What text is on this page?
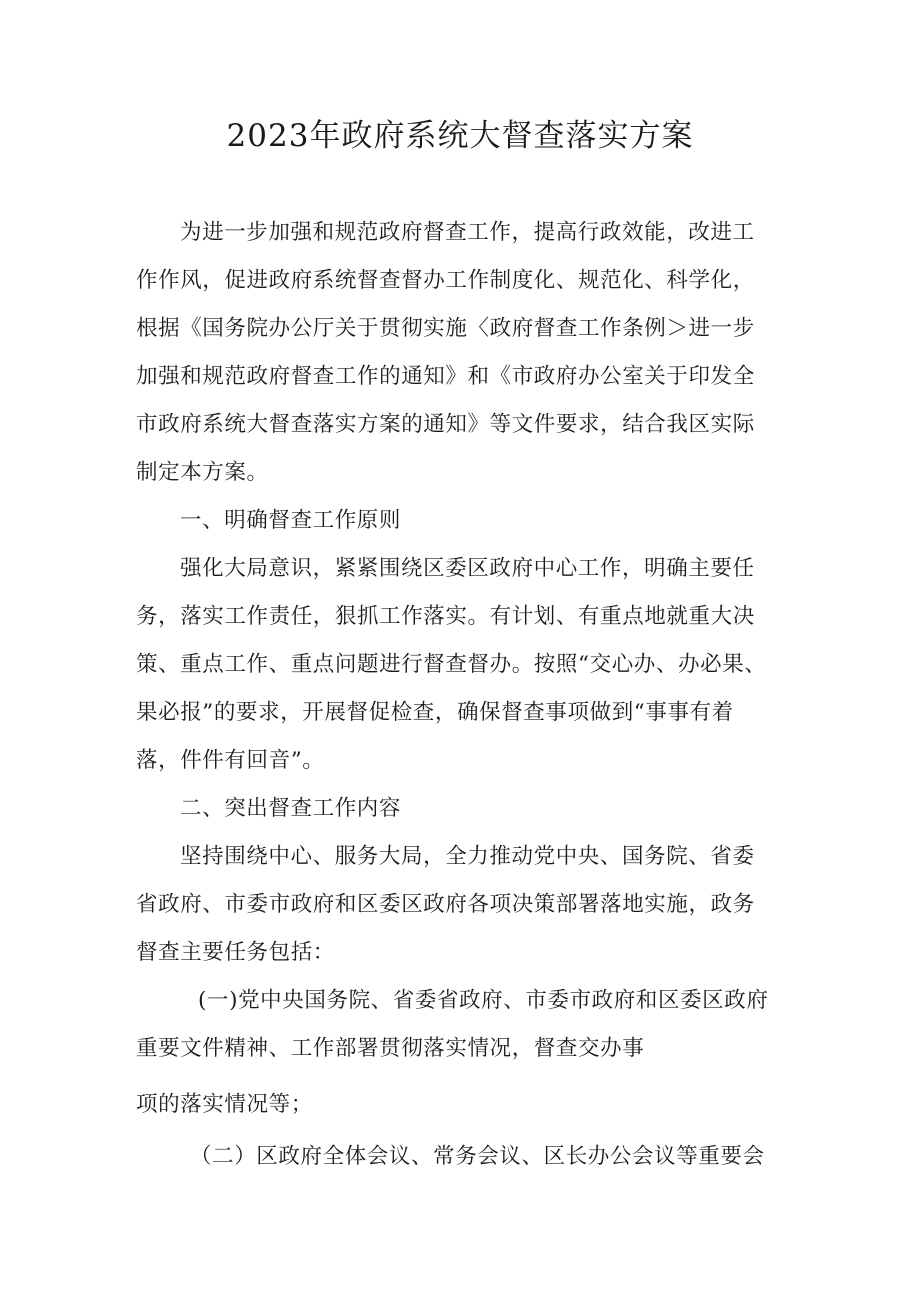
2023年政府系统大督查落实方案

为进一步加强和规范政府督查工作，提高行政效能，改进工

作作风，促进政府系统督查督办工作制度化、规范化、科学化，

根据《国务院办公厅关于贯彻实施〈政府督查工作条例＞进一步

加强和规范政府督查工作的通知》和《市政府办公室关于印发全

市政府系统大督查落实方案的通知》等文件要求，结合我区实际

制定本方案。

一、明确督查工作原则

强化大局意识，紧紧围绕区委区政府中心工作，明确主要任

务，落实工作责任，狠抓工作落实。有计划、有重点地就重大决

策、重点工作、重点问题进行督查督办。按照“交心办、办必果、

果必报”的要求，开展督促检查，确保督查事项做到“事事有着

落，件件有回音”。

二、突出督查工作内容

坚持围绕中心、服务大局，全力推动党中央、国务院、省委

省政府、市委市政府和区委区政府各项决策部署落地实施，政务

督查主要任务包括：

(一)党中央国务院、省委省政府、市委市政府和区委区政府

重要文件精神、工作部署贯彻落实情况，督查交办事

项的落实情况等；

（二）区政府全体会议、常务会议、区长办公会议等重要会
